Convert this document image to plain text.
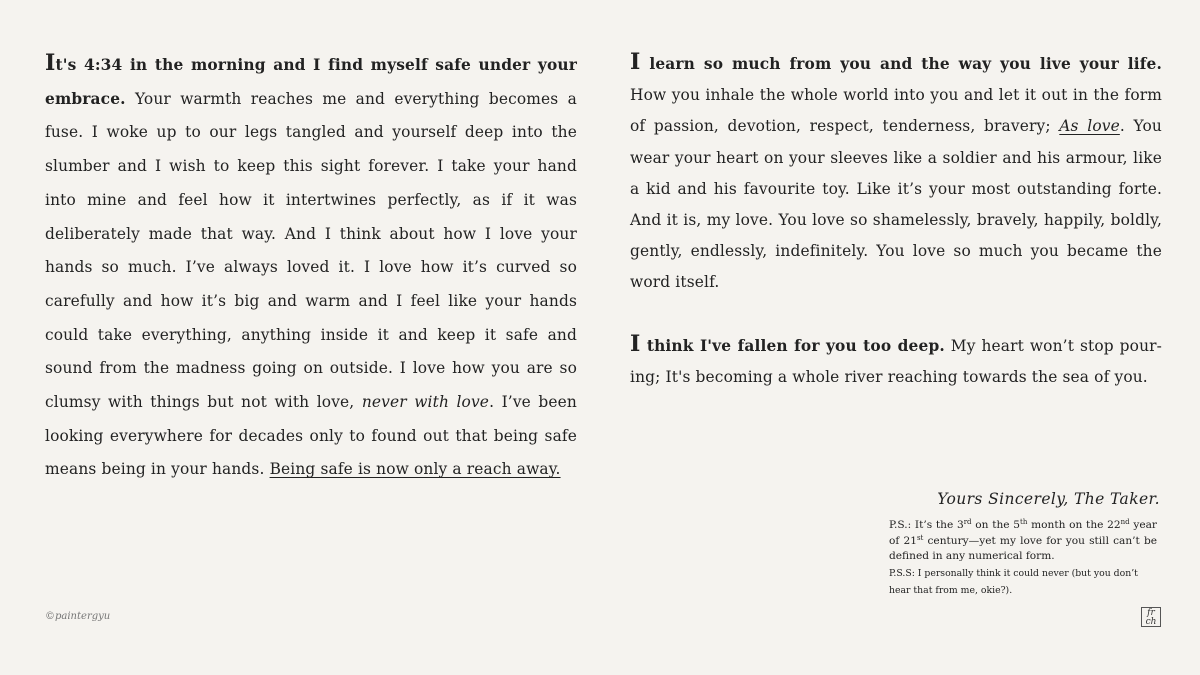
It's 4:34 in the morning and I find myself safe under your embrace. Your warmth reaches me and everything becomes a fuse. I woke up to our legs tangled and yourself deep into the slumber and I wish to keep this sight forever. I take your hand into mine and feel how it intertwines perfectly, as if it was deliberately made that way. And I think about how I love your hands so much. I’ve always loved it. I love how it’s curved so carefully and how it’s big and warm and I feel like your hands could take everything, anything inside it and keep it safe and sound from the madness going on outside. I love how you are so clumsy with things but not with love, never with love. I’ve been looking everywhere for decades only to found out that being safe means being in your hands. Being safe is now only a reach away.

I learn so much from you and the way you live your life. How you inhale the whole world into you and let it out in the form of passion, devotion, respect, tenderness, bravery; As love. You wear your heart on your sleeves like a soldier and his armour, like a kid and his favourite toy. Like it’s your most outstanding forte. And it is, my love. You love so shamelessly, bravely, happily, boldly, gently, endlessly, indefinitely. You love so much you became the word itself.

I think I've fallen for you too deep. My heart won’t stop pour-ing; It's becoming a whole river reaching towards the sea of you.

Yours Sincerely, The Taker.
P.S.: It’s the 3rd on the 5th month on the 22nd year of 21st century—yet my love for you still can’t be defined in any numerical form.
P.S.S: I personally think it could never (but you don’t hear that from me, okie?).
©paintergyu	fr
ch
